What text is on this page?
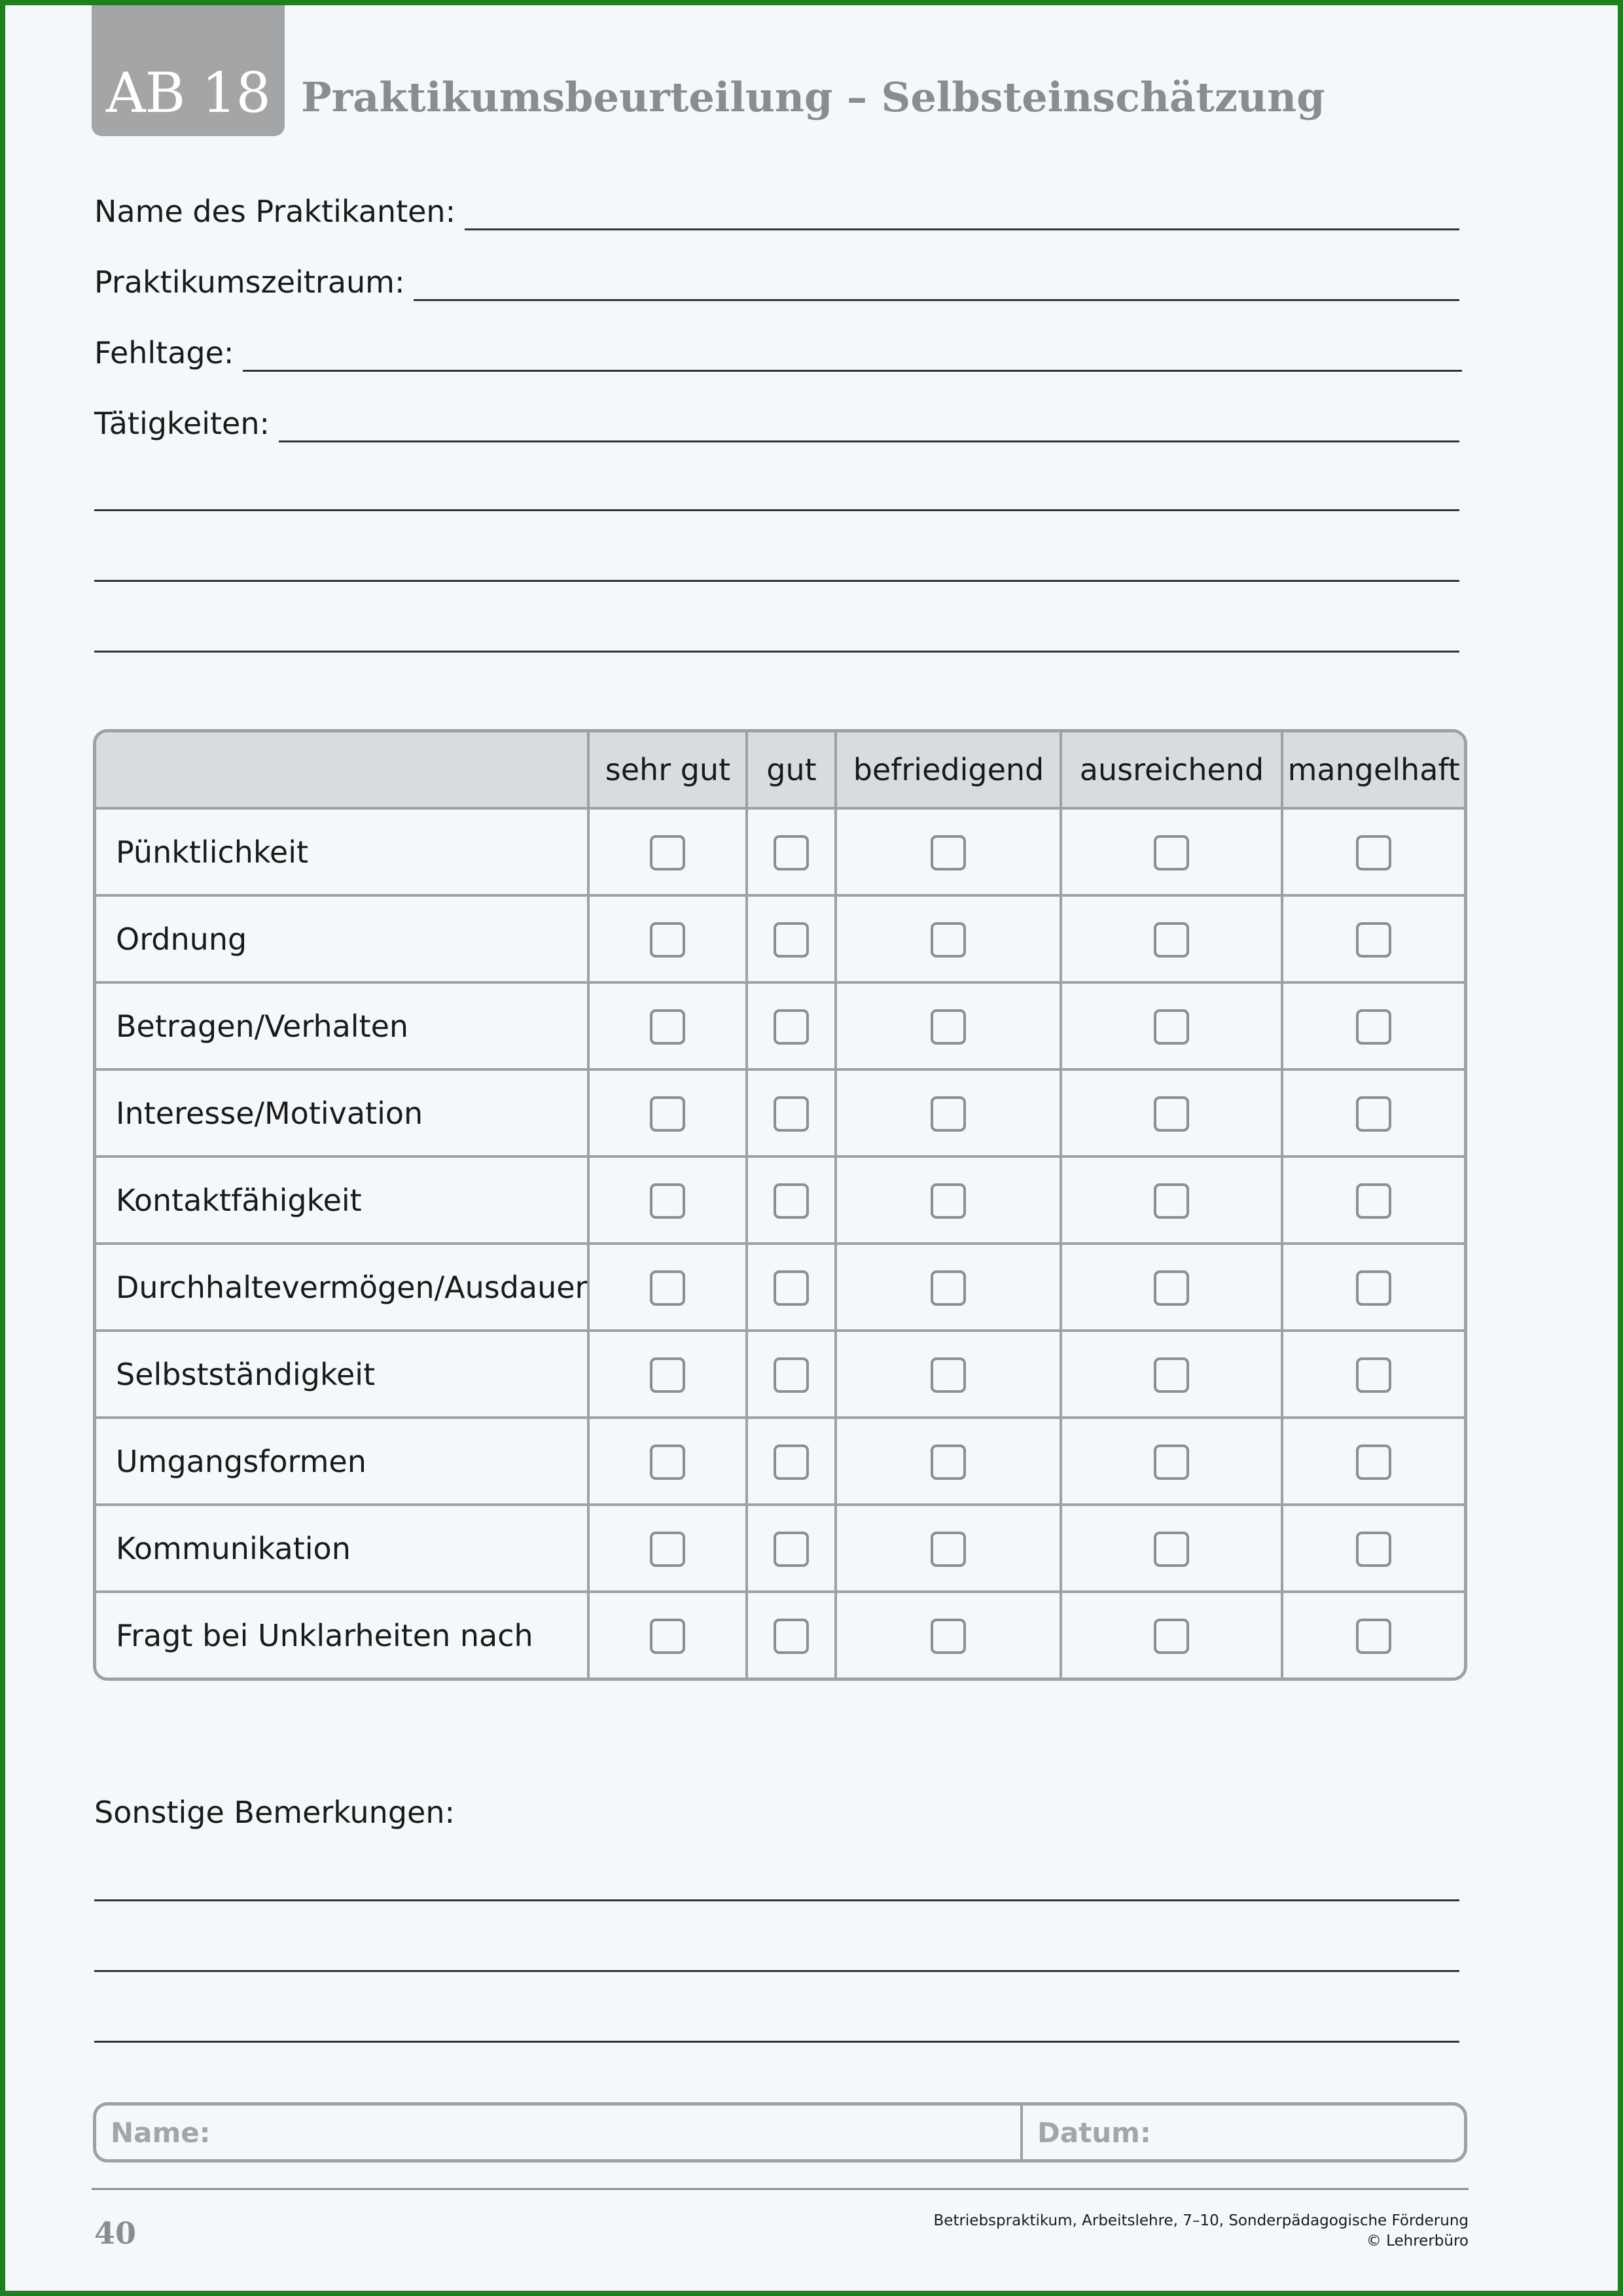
AB 18 Praktikumsbeurteilung – Selbsteinschätzung
Name des Praktikanten:
Praktikumszeitraum:
Fehltage:
Tätigkeiten:
	sehr gut	gut	befriedigend	ausreichend	mangelhaft
Pünktlichkeit					
Ordnung					
Betragen/Verhalten					
Interesse/Motivation					
Kontaktfähigkeit					
Durchhaltevermögen/Ausdauer					
Selbstständigkeit					
Umgangsformen					
Kommunikation					
Fragt bei Unklarheiten nach					
Sonstige Bemerkungen:
Name:	Datum:
40	Betriebspraktikum, Arbeitslehre, 7–10, Sonderpädagogische Förderung
© Lehrerbüro
